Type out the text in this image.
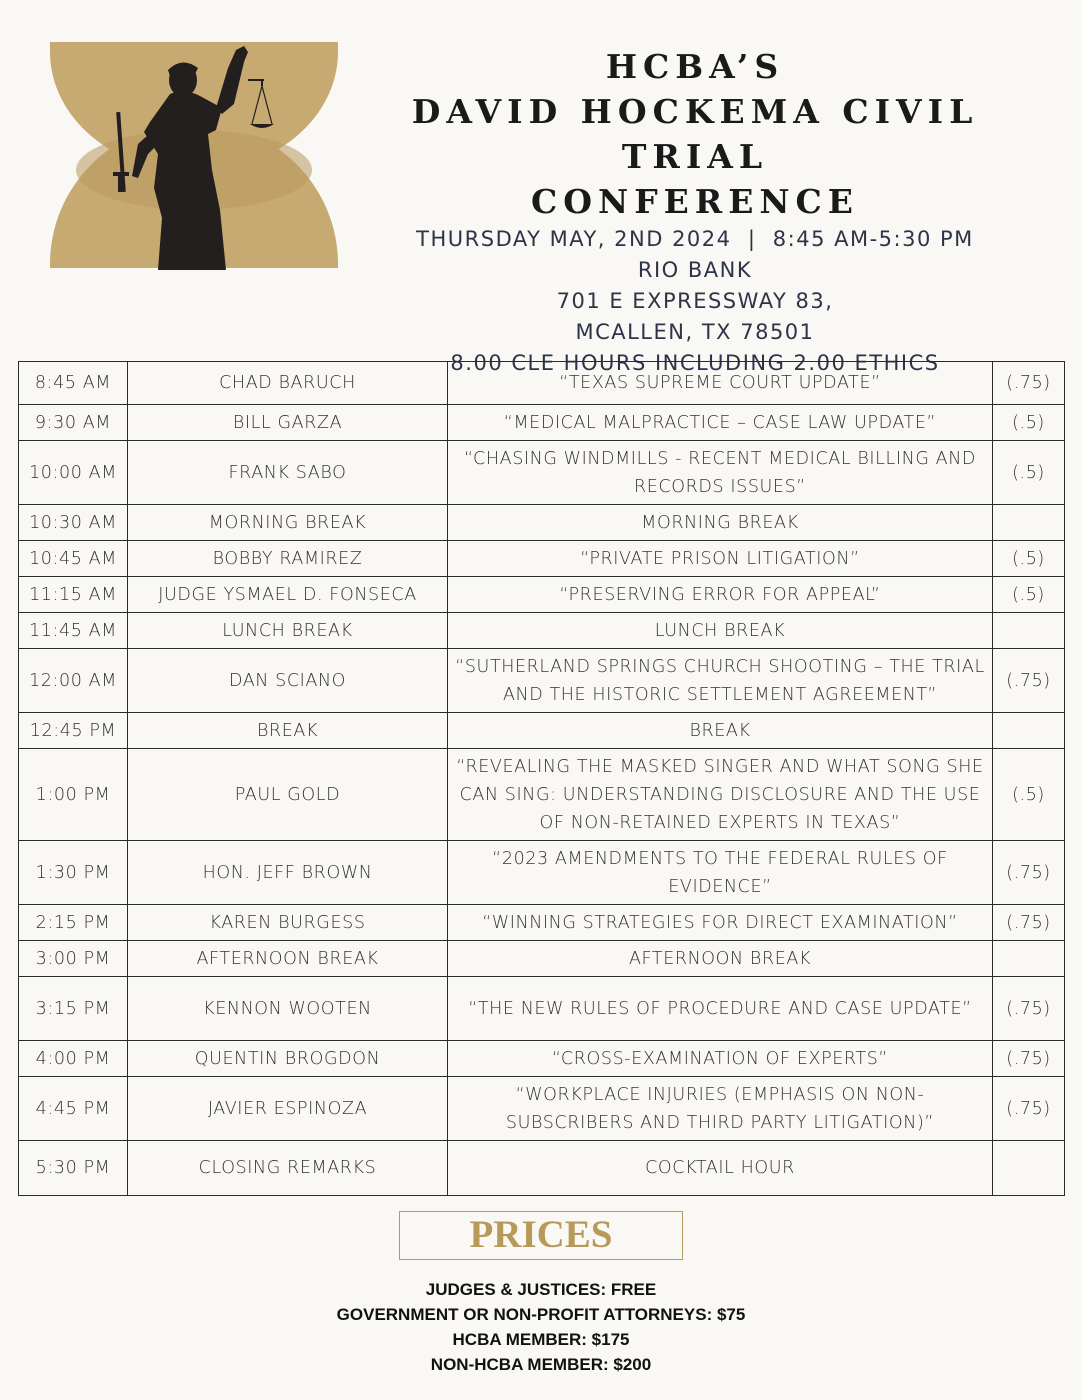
HCBA’S
DAVID HOCKEMA CIVIL TRIAL
CONFERENCE
THURSDAY MAY, 2ND 2024  |  8:45 AM-5:30 PM
RIO BANK
701 E EXPRESSWAY 83,
MCALLEN, TX 78501
8.00 CLE HOURS INCLUDING 2.00 ETHICS
8:45 AM	CHAD BARUCH	“TEXAS SUPREME COURT UPDATE”	(.75)
9:30 AM	BILL GARZA	“MEDICAL MALPRACTICE – CASE LAW UPDATE”	(.5)
10:00 AM	FRANK SABO	“CHASING WINDMILLS - RECENT MEDICAL BILLING AND RECORDS ISSUES”	(.5)
10:30 AM	MORNING BREAK	MORNING BREAK	
10:45 AM	BOBBY RAMIREZ	“PRIVATE PRISON LITIGATION”	(.5)
11:15 AM	JUDGE YSMAEL D. FONSECA	“PRESERVING ERROR FOR APPEAL”	(.5)
11:45 AM	LUNCH BREAK	LUNCH BREAK	
12:00 AM	DAN SCIANO	“SUTHERLAND SPRINGS CHURCH SHOOTING – THE TRIAL AND THE HISTORIC SETTLEMENT AGREEMENT”	(.75)
12:45 PM	BREAK	BREAK	
1:00 PM	PAUL GOLD	“REVEALING THE MASKED SINGER AND WHAT SONG SHE CAN SING: UNDERSTANDING DISCLOSURE AND THE USE OF NON-RETAINED EXPERTS IN TEXAS”	(.5)
1:30 PM	HON. JEFF BROWN	“2023 AMENDMENTS TO THE FEDERAL RULES OF EVIDENCE”	(.75)
2:15 PM	KAREN BURGESS	“WINNING STRATEGIES FOR DIRECT EXAMINATION”	(.75)
3:00 PM	AFTERNOON BREAK	AFTERNOON BREAK	
3:15 PM	KENNON WOOTEN	“THE NEW RULES OF PROCEDURE AND CASE UPDATE”	(.75)
4:00 PM	QUENTIN BROGDON	“CROSS-EXAMINATION OF EXPERTS”	(.75)
4:45 PM	JAVIER ESPINOZA	“WORKPLACE INJURIES (EMPHASIS ON NON-SUBSCRIBERS AND THIRD PARTY LITIGATION)”	(.75)
5:30 PM	CLOSING REMARKS	COCKTAIL HOUR	
PRICES
JUDGES & JUSTICES: FREE
GOVERNMENT OR NON-PROFIT ATTORNEYS: $75
HCBA MEMBER: $175
NON-HCBA MEMBER: $200
